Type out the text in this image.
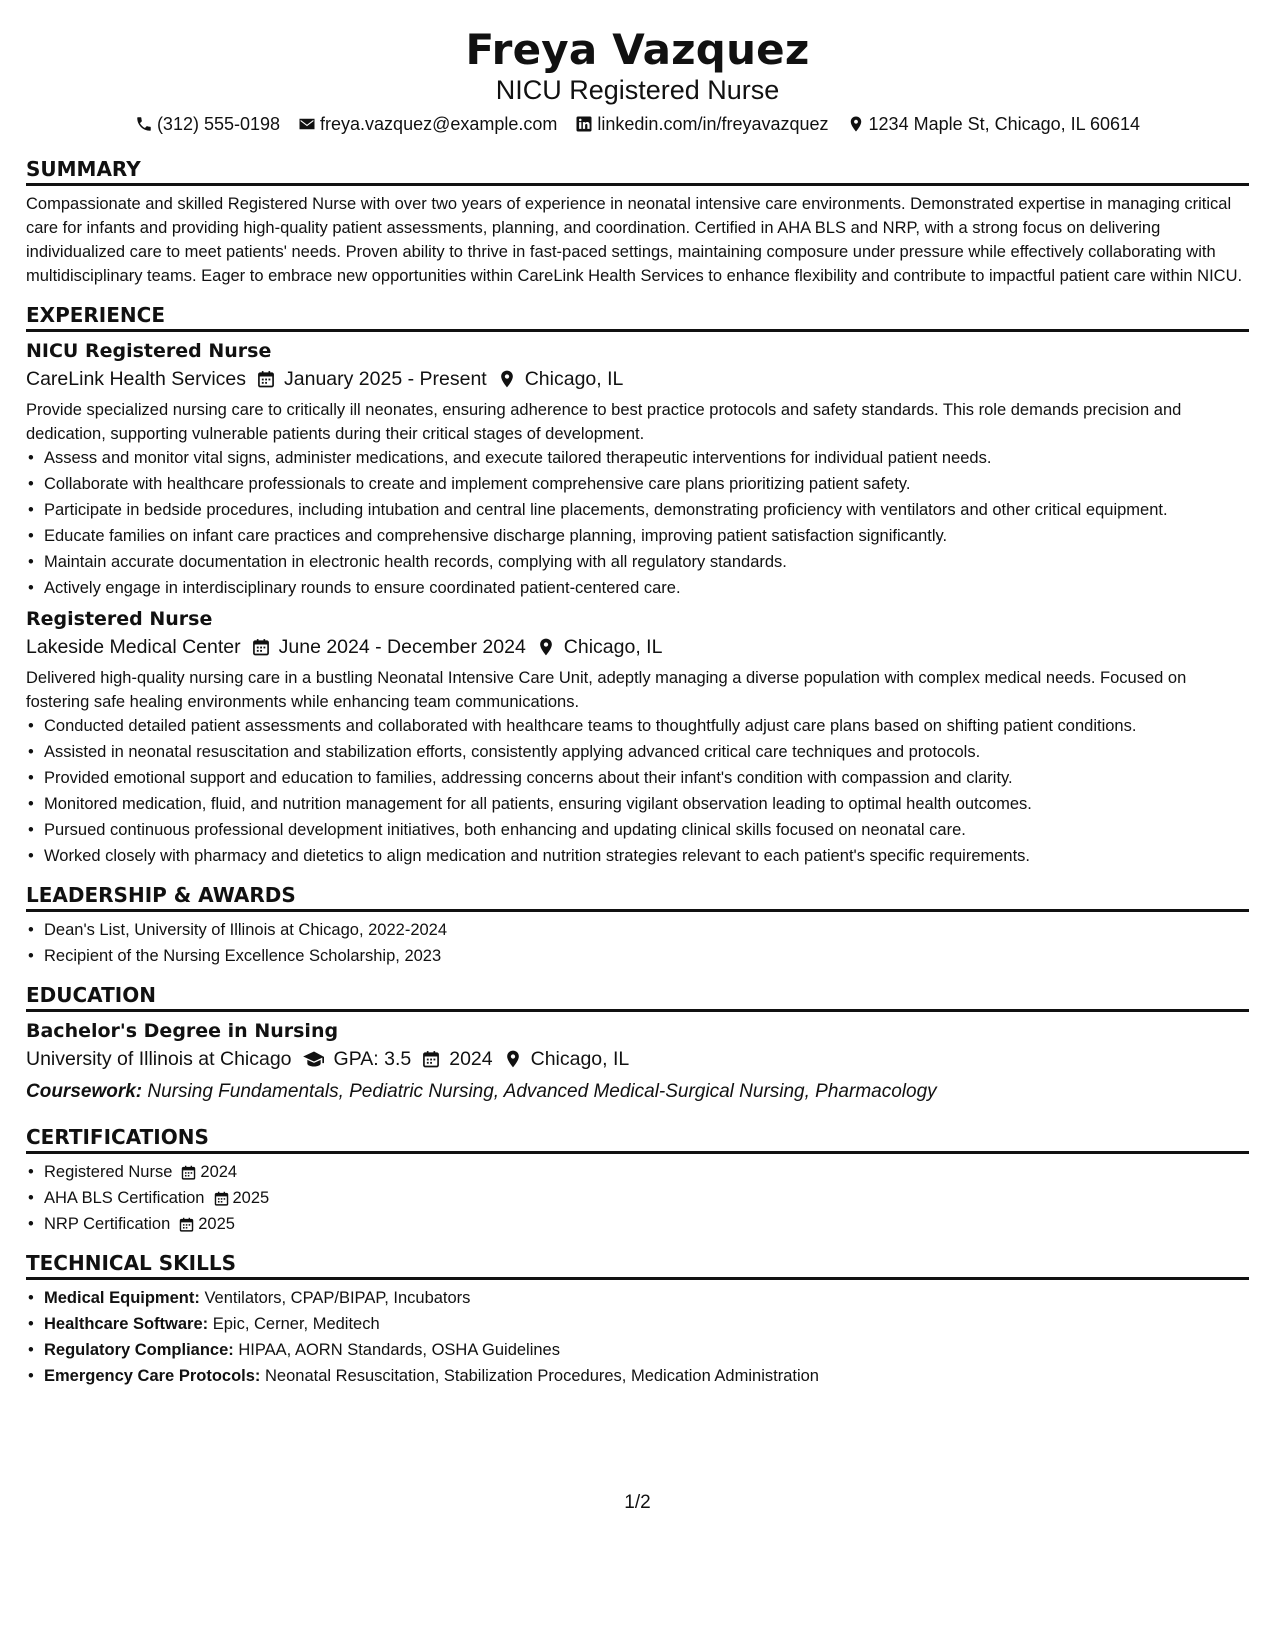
Freya Vazquez
NICU Registered Nurse
(312) 555-0198 freya.vazquez@example.com linkedin.com/in/freyavazquez 1234 Maple St, Chicago, IL 60614
SUMMARY
Compassionate and skilled Registered Nurse with over two years of experience in neonatal intensive care environments. Demonstrated expertise in managing critical care for infants and providing high-quality patient assessments, planning, and coordination. Certified in AHA BLS and NRP, with a strong focus on delivering individualized care to meet patients' needs. Proven ability to thrive in fast-paced settings, maintaining composure under pressure while effectively collaborating with multidisciplinary teams. Eager to embrace new opportunities within CareLink Health Services to enhance flexibility and contribute to impactful patient care within NICU.
EXPERIENCE
NICU Registered Nurse
CareLink Health Services January 2025 - Present Chicago, IL
Provide specialized nursing care to critically ill neonates, ensuring adherence to best practice protocols and safety standards. This role demands precision and dedication, supporting vulnerable patients during their critical stages of development.
• Assess and monitor vital signs, administer medications, and execute tailored therapeutic interventions for individual patient needs.
• Collaborate with healthcare professionals to create and implement comprehensive care plans prioritizing patient safety.
• Participate in bedside procedures, including intubation and central line placements, demonstrating proficiency with ventilators and other critical equipment.
• Educate families on infant care practices and comprehensive discharge planning, improving patient satisfaction significantly.
• Maintain accurate documentation in electronic health records, complying with all regulatory standards.
• Actively engage in interdisciplinary rounds to ensure coordinated patient-centered care.
Registered Nurse
Lakeside Medical Center June 2024 - December 2024 Chicago, IL
Delivered high-quality nursing care in a bustling Neonatal Intensive Care Unit, adeptly managing a diverse population with complex medical needs. Focused on fostering safe healing environments while enhancing team communications.
• Conducted detailed patient assessments and collaborated with healthcare teams to thoughtfully adjust care plans based on shifting patient conditions.
• Assisted in neonatal resuscitation and stabilization efforts, consistently applying advanced critical care techniques and protocols.
• Provided emotional support and education to families, addressing concerns about their infant's condition with compassion and clarity.
• Monitored medication, fluid, and nutrition management for all patients, ensuring vigilant observation leading to optimal health outcomes.
• Pursued continuous professional development initiatives, both enhancing and updating clinical skills focused on neonatal care.
• Worked closely with pharmacy and dietetics to align medication and nutrition strategies relevant to each patient's specific requirements.
LEADERSHIP & AWARDS
• Dean's List, University of Illinois at Chicago, 2022-2024
• Recipient of the Nursing Excellence Scholarship, 2023
EDUCATION
Bachelor's Degree in Nursing
University of Illinois at Chicago GPA: 3.5 2024 Chicago, IL
Coursework: Nursing Fundamentals, Pediatric Nursing, Advanced Medical-Surgical Nursing, Pharmacology
CERTIFICATIONS
• Registered Nurse 2024
• AHA BLS Certification 2025
• NRP Certification 2025
TECHNICAL SKILLS
• Medical Equipment: Ventilators, CPAP/BIPAP, Incubators
• Healthcare Software: Epic, Cerner, Meditech
• Regulatory Compliance: HIPAA, AORN Standards, OSHA Guidelines
• Emergency Care Protocols: Neonatal Resuscitation, Stabilization Procedures, Medication Administration
1/2
